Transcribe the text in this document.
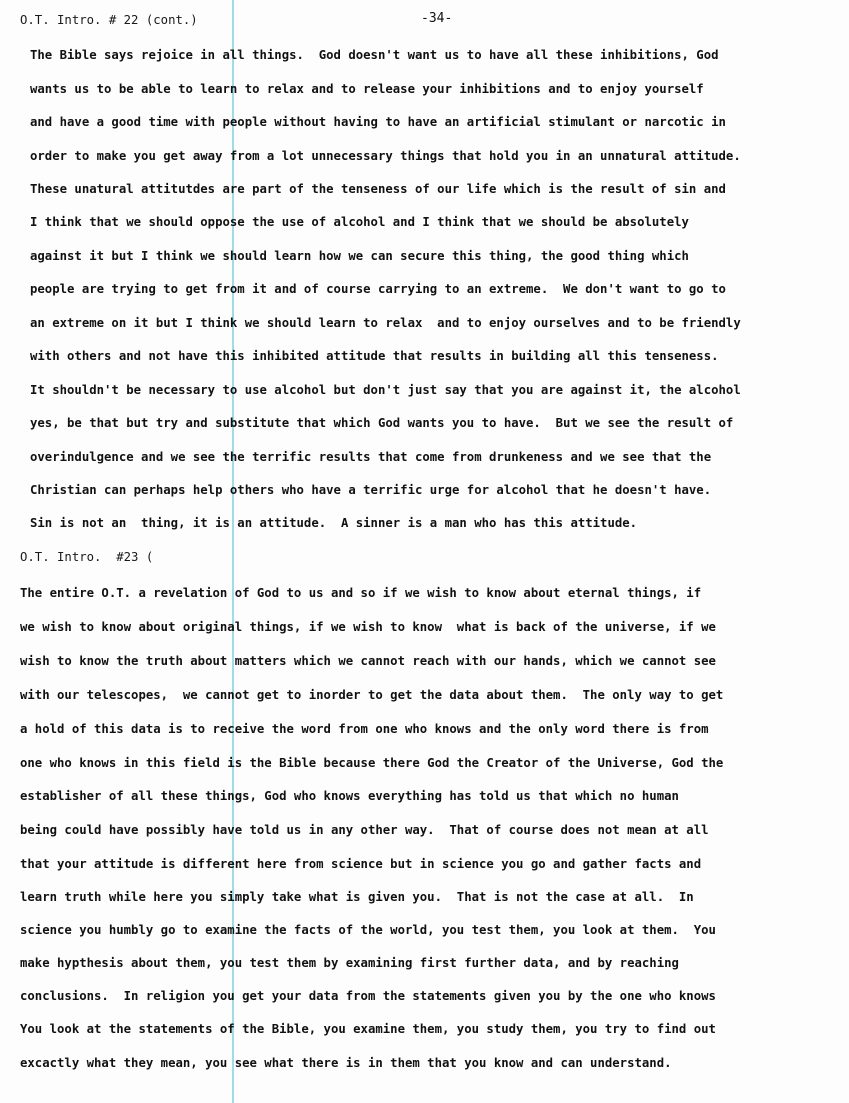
O.T. Intro. # 22 (cont.)	-34-
The Bible says rejoice in all things.  God doesn't want us to have all these inhibitions, God
wants us to be able to learn to relax and to release your inhibitions and to enjoy yourself
and have a good time with people without having to have an artificial stimulant or narcotic in
order to make you get away from a lot unnecessary things that hold you in an unnatural attitude.
These unatural attitutdes are part of the tenseness of our life which is the result of sin and
I think that we should oppose the use of alcohol and I think that we should be absolutely
against it but I think we should learn how we can secure this thing, the good thing which
people are trying to get from it and of course carrying to an extreme.  We don't want to go to
an extreme on it but I think we should learn to relax  and to enjoy ourselves and to be friendly
with others and not have this inhibited attitude that results in building all this tenseness.
It shouldn't be necessary to use alcohol but don't just say that you are against it, the alcohol
yes, be that but try and substitute that which God wants you to have.  But we see the result of
overindulgence and we see the terrific results that come from drunkeness and we see that the
Christian can perhaps help others who have a terrific urge for alcohol that he doesn't have.
Sin is not an  thing, it is an attitude.  A sinner is a man who has this attitude.
O.T. Intro.  #23 (
The entire O.T. a revelation of God to us and so if we wish to know about eternal things, if
we wish to know about original things, if we wish to know  what is back of the universe, if we
wish to know the truth about matters which we cannot reach with our hands, which we cannot see
with our telescopes,  we cannot get to inorder to get the data about them.  The only way to get
a hold of this data is to receive the word from one who knows and the only word there is from
one who knows in this field is the Bible because there God the Creator of the Universe, God the
establisher of all these things, God who knows everything has told us that which no human
being could have possibly have told us in any other way.  That of course does not mean at all
that your attitude is different here from science but in science you go and gather facts and
learn truth while here you simply take what is given you.  That is not the case at all.  In
science you humbly go to examine the facts of the world, you test them, you look at them.  You
make hypthesis about them, you test them by examining first further data, and by reaching
conclusions.  In religion you get your data from the statements given you by the one who knows
You look at the statements of the Bible, you examine them, you study them, you try to find out
excactly what they mean, you see what there is in them that you know and can understand.
